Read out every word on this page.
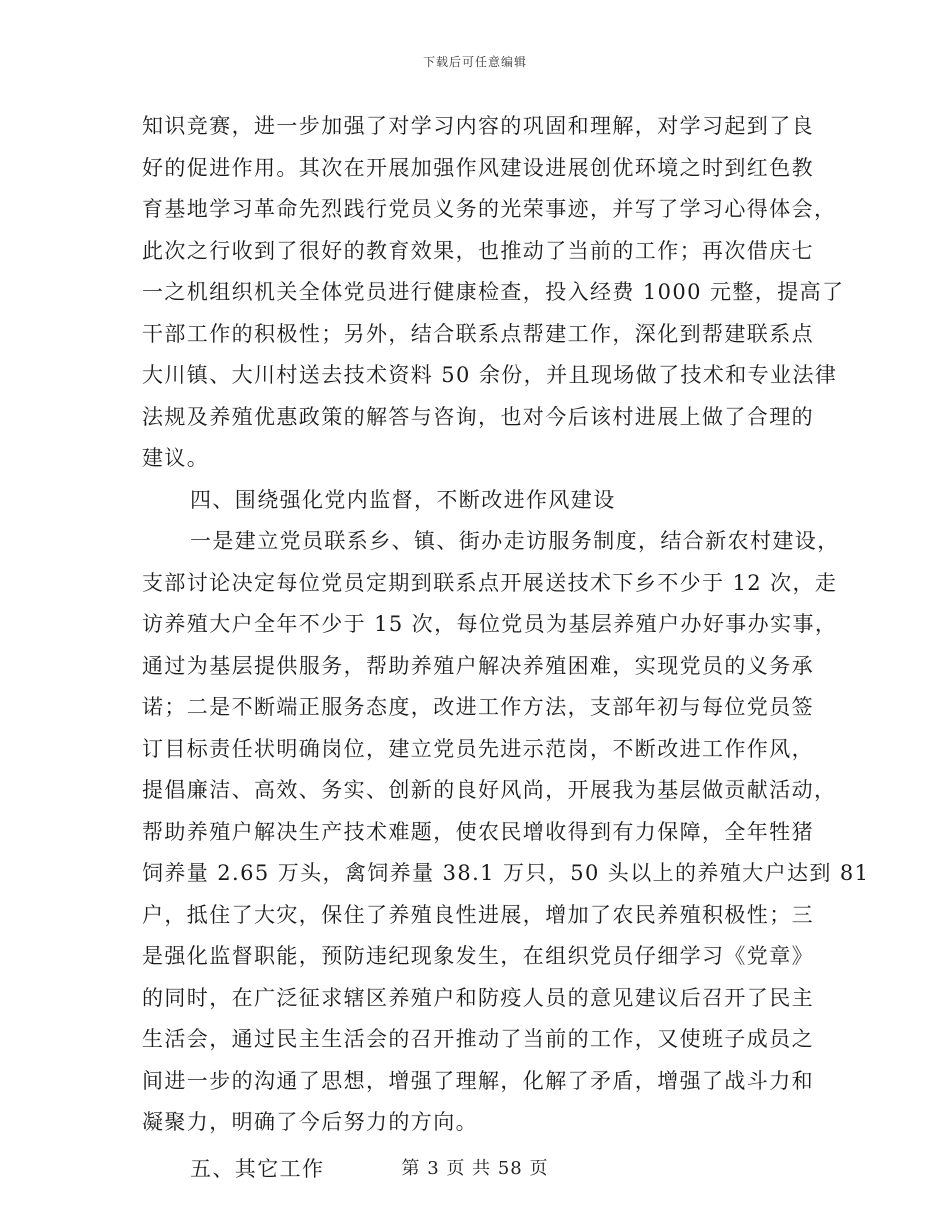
下载后可任意编辑
知识竞赛，进一步加强了对学习内容的巩固和理解，对学习起到了良
好的促进作用。其次在开展加强作风建设进展创优环境之时到红色教
育基地学习革命先烈践行党员义务的光荣事迹，并写了学习心得体会，
此次之行收到了很好的教育效果，也推动了当前的工作；再次借庆七
一之机组织机关全体党员进行健康检查，投入经费 1000 元整，提高了
干部工作的积极性；另外，结合联系点帮建工作，深化到帮建联系点
大川镇、大川村送去技术资料 50 余份，并且现场做了技术和专业法律
法规及养殖优惠政策的解答与咨询，也对今后该村进展上做了合理的
建议。
四、围绕强化党内监督，不断改进作风建设
一是建立党员联系乡、镇、街办走访服务制度，结合新农村建设，
支部讨论决定每位党员定期到联系点开展送技术下乡不少于 12 次，走
访养殖大户全年不少于 15 次，每位党员为基层养殖户办好事办实事，
通过为基层提供服务，帮助养殖户解决养殖困难，实现党员的义务承
诺；二是不断端正服务态度，改进工作方法，支部年初与每位党员签
订目标责任状明确岗位，建立党员先进示范岗，不断改进工作作风，
提倡廉洁、高效、务实、创新的良好风尚，开展我为基层做贡献活动，
帮助养殖户解决生产技术难题，使农民增收得到有力保障，全年牲猪
饲养量 2.65 万头，禽饲养量 38.1 万只，50 头以上的养殖大户达到 81
户，抵住了大灾，保住了养殖良性进展，增加了农民养殖积极性；三
是强化监督职能，预防违纪现象发生，在组织党员仔细学习《党章》
的同时，在广泛征求辖区养殖户和防疫人员的意见建议后召开了民主
生活会，通过民主生活会的召开推动了当前的工作，又使班子成员之
间进一步的沟通了思想，增强了理解，化解了矛盾，增强了战斗力和
凝聚力，明确了今后努力的方向。
五、其它工作	第 3 页 共 58 页
